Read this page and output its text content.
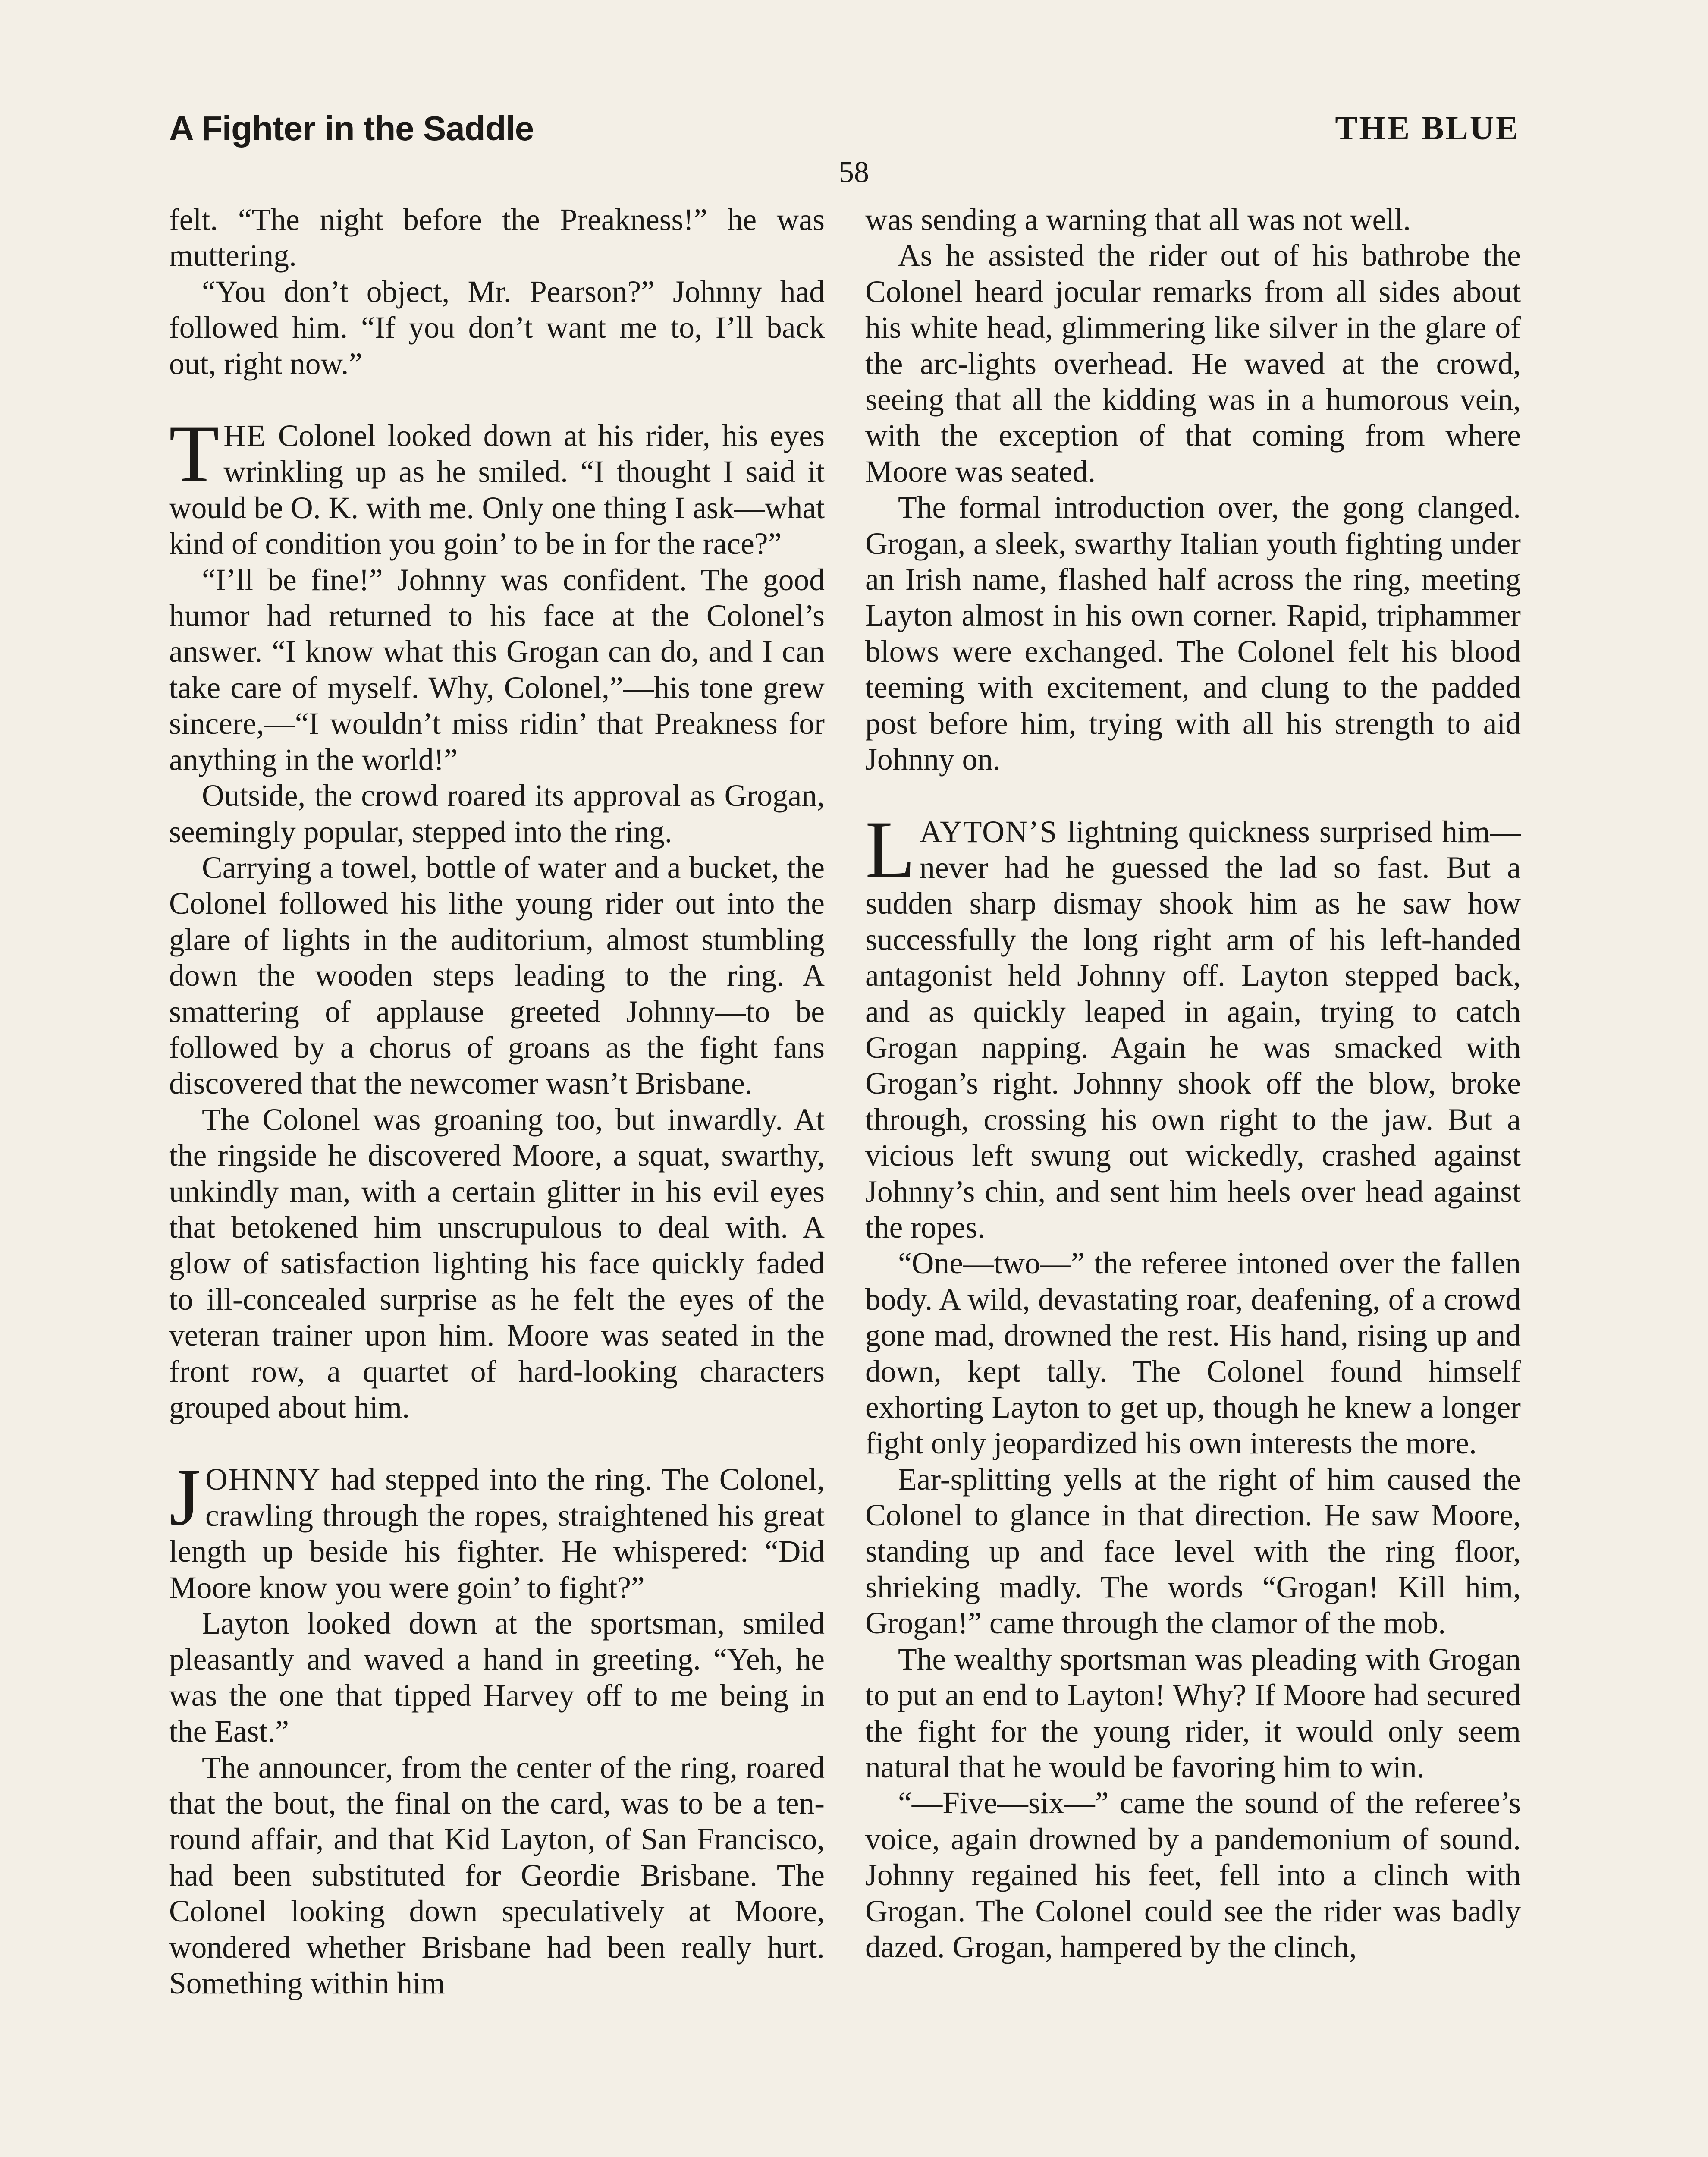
A Fighter in the Saddle	THE BLUE
58

felt. “The night before the Preakness!” he was muttering.

“You don’t object, Mr. Pearson?” Johnny had followed him. “If you don’t want me to, I’ll back out, right now.”

THE Colonel looked down at his rider, his eyes wrinkling up as he smiled. “I thought I said it would be O. K. with me. Only one thing I ask—what kind of condition you goin’ to be in for the race?”

“I’ll be fine!” Johnny was confident. The good humor had returned to his face at the Colonel’s answer. “I know what this Grogan can do, and I can take care of myself. Why, Colonel,”—his tone grew sincere,—“I wouldn’t miss ridin’ that Preakness for anything in the world!”

Outside, the crowd roared its approval as Grogan, seemingly popular, stepped into the ring.

Carrying a towel, bottle of water and a bucket, the Colonel followed his lithe young rider out into the glare of lights in the auditorium, almost stumbling down the wooden steps leading to the ring. A smattering of applause greeted Johnny—to be followed by a chorus of groans as the fight fans discovered that the newcomer wasn’t Brisbane.

The Colonel was groaning too, but inwardly. At the ringside he discovered Moore, a squat, swarthy, unkindly man, with a certain glitter in his evil eyes that betokened him unscrupulous to deal with. A glow of satisfaction lighting his face quickly faded to ill-concealed surprise as he felt the eyes of the veteran trainer upon him. Moore was seated in the front row, a quartet of hard-looking characters grouped about him.

JOHNNY had stepped into the ring. The Colonel, crawling through the ropes, straightened his great length up beside his fighter. He whispered: “Did Moore know you were goin’ to fight?”

Layton looked down at the sportsman, smiled pleasantly and waved a hand in greeting. “Yeh, he was the one that tipped Harvey off to me being in the East.”

The announcer, from the center of the ring, roared that the bout, the final on the card, was to be a ten-round affair, and that Kid Layton, of San Francisco, had been substituted for Geordie Brisbane. The Colonel looking down speculatively at Moore, wondered whether Brisbane had been really hurt. Something within him

was sending a warning that all was not well.

As he assisted the rider out of his bathrobe the Colonel heard jocular remarks from all sides about his white head, glimmering like silver in the glare of the arc-lights overhead. He waved at the crowd, seeing that all the kidding was in a humorous vein, with the exception of that coming from where Moore was seated.

The formal introduction over, the gong clanged. Grogan, a sleek, swarthy Italian youth fighting under an Irish name, flashed half across the ring, meeting Layton almost in his own corner. Rapid, triphammer blows were exchanged. The Colonel felt his blood teeming with excitement, and clung to the padded post before him, trying with all his strength to aid Johnny on.

LAYTON’S lightning quickness surprised him—never had he guessed the lad so fast. But a sudden sharp dismay shook him as he saw how successfully the long right arm of his left-handed antagonist held Johnny off. Layton stepped back, and as quickly leaped in again, trying to catch Grogan napping. Again he was smacked with Grogan’s right. Johnny shook off the blow, broke through, crossing his own right to the jaw. But a vicious left swung out wickedly, crashed against Johnny’s chin, and sent him heels over head against the ropes.

“One—two—” the referee intoned over the fallen body. A wild, devastating roar, deafening, of a crowd gone mad, drowned the rest. His hand, rising up and down, kept tally. The Colonel found himself exhorting Layton to get up, though he knew a longer fight only jeopardized his own interests the more.

Ear-splitting yells at the right of him caused the Colonel to glance in that direction. He saw Moore, standing up and face level with the ring floor, shrieking madly. The words “Grogan! Kill him, Grogan!” came through the clamor of the mob.

The wealthy sportsman was pleading with Grogan to put an end to Layton! Why? If Moore had secured the fight for the young rider, it would only seem natural that he would be favoring him to win.

“—Five—six—” came the sound of the referee’s voice, again drowned by a pandemonium of sound. Johnny regained his feet, fell into a clinch with Grogan. The Colonel could see the rider was badly dazed. Grogan, hampered by the clinch,
